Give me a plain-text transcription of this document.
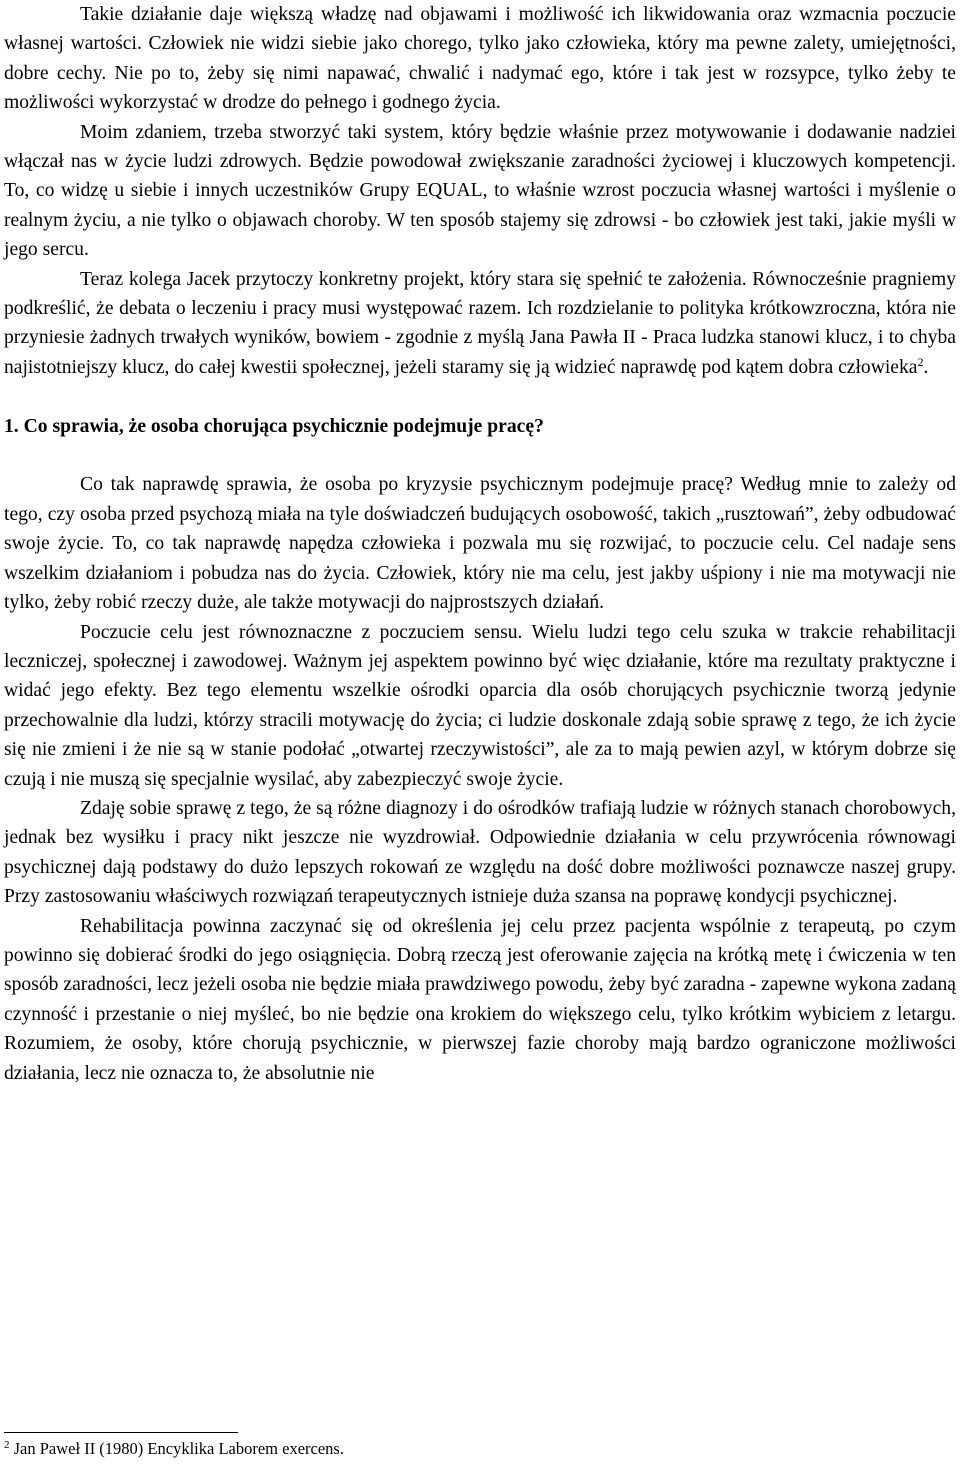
Takie działanie daje większą władzę nad objawami i możliwość ich likwidowania oraz wzmacnia poczucie własnej wartości. Człowiek nie widzi siebie jako chorego, tylko jako człowieka, który ma pewne zalety, umiejętności, dobre cechy. Nie po to, żeby się nimi napawać, chwalić i nadymać ego, które i tak jest w rozsypce, tylko żeby te możliwości wykorzystać w drodze do pełnego i godnego życia.

Moim zdaniem, trzeba stworzyć taki system, który będzie właśnie przez motywowanie i dodawanie nadziei włączał nas w życie ludzi zdrowych. Będzie powodował zwiększanie zaradności życiowej i kluczowych kompetencji. To, co widzę u siebie i innych uczestników Grupy EQUAL, to właśnie wzrost poczucia własnej wartości i myślenie o realnym życiu, a nie tylko o objawach choroby. W ten sposób stajemy się zdrowsi - bo człowiek jest taki, jakie myśli w jego sercu.

Teraz kolega Jacek przytoczy konkretny projekt, który stara się spełnić te założenia. Równocześnie pragniemy podkreślić, że debata o leczeniu i pracy musi występować razem. Ich rozdzielanie to polityka krótkowzroczna, która nie przyniesie żadnych trwałych wyników, bowiem - zgodnie z myślą Jana Pawła II - Praca ludzka stanowi klucz, i to chyba najistotniejszy klucz, do całej kwestii społecznej, jeżeli staramy się ją widzieć naprawdę pod kątem dobra człowieka$^2$.

1. Co sprawia, że osoba chorująca psychicznie podejmuje pracę?

Co tak naprawdę sprawia, że osoba po kryzysie psychicznym podejmuje pracę? Według mnie to zależy od tego, czy osoba przed psychozą miała na tyle doświadczeń budujących osobowość, takich „rusztowań”, żeby odbudować swoje życie. To, co tak naprawdę napędza człowieka i pozwala mu się rozwijać, to poczucie celu. Cel nadaje sens wszelkim działaniom i pobudza nas do życia. Człowiek, który nie ma celu, jest jakby uśpiony i nie ma motywacji nie tylko, żeby robić rzeczy duże, ale także motywacji do najprostszych działań.

Poczucie celu jest równoznaczne z poczuciem sensu. Wielu ludzi tego celu szuka w trakcie rehabilitacji leczniczej, społecznej i zawodowej. Ważnym jej aspektem powinno być więc działanie, które ma rezultaty praktyczne i widać jego efekty. Bez tego elementu wszelkie ośrodki oparcia dla osób chorujących psychicznie tworzą jedynie przechowalnie dla ludzi, którzy stracili motywację do życia; ci ludzie doskonale zdają sobie sprawę z tego, że ich życie się nie zmieni i że nie są w stanie podołać „otwartej rzeczywistości”, ale za to mają pewien azyl, w którym dobrze się czują i nie muszą się specjalnie wysilać, aby zabezpieczyć swoje życie.

Zdaję sobie sprawę z tego, że są różne diagnozy i do ośrodków trafiają ludzie w różnych stanach chorobowych, jednak bez wysiłku i pracy nikt jeszcze nie wyzdrowiał. Odpowiednie działania w celu przywrócenia równowagi psychicznej dają podstawy do dużo lepszych rokowań ze względu na dość dobre możliwości poznawcze naszej grupy. Przy zastosowaniu właściwych rozwiązań terapeutycznych istnieje duża szansa na poprawę kondycji psychicznej.

Rehabilitacja powinna zaczynać się od określenia jej celu przez pacjenta wspólnie z terapeutą, po czym powinno się dobierać środki do jego osiągnięcia. Dobrą rzeczą jest oferowanie zajęcia na krótką metę i ćwiczenia w ten sposób zaradności, lecz jeżeli osoba nie będzie miała prawdziwego powodu, żeby być zaradna - zapewne wykona zadaną czynność i przestanie o niej myśleć, bo nie będzie ona krokiem do większego celu, tylko krótkim wybiciem z letargu. Rozumiem, że osoby, które chorują psychicznie, w pierwszej fazie choroby mają bardzo ograniczone możliwości działania, lecz nie oznacza to, że absolutnie nie

$^2$ Jan Paweł II (1980) Encyklika Laborem exercens.
